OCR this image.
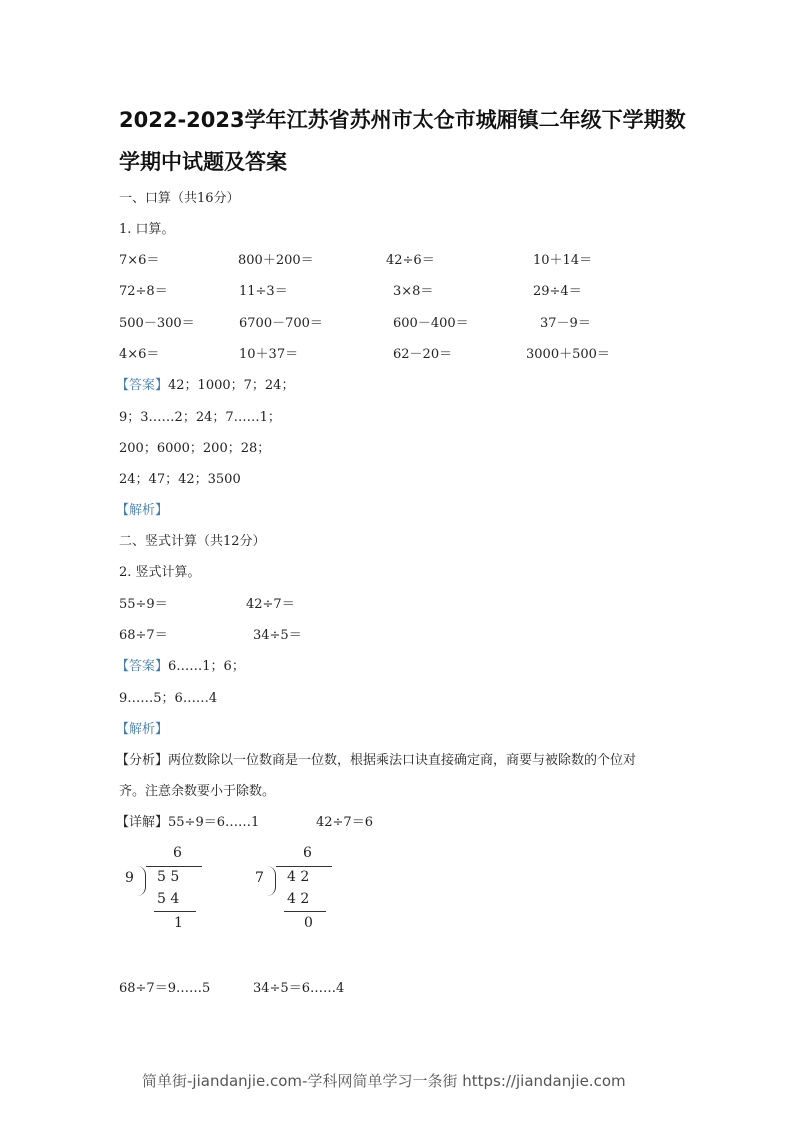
2022-2023学年江苏省苏州市太仓市城厢镇二年级下学期数
学期中试题及答案
一、口算（共16分）
1. 口算。
7×6＝	800＋200＝	42÷6＝	10＋14＝
72÷8＝	11÷3＝	3×8＝	29÷4＝
500－300＝	6700－700＝	600－400＝	37－9＝
4×6＝	10＋37＝	62－20＝	3000＋500＝
【答案】42；1000；7；24；
9；3……2；24；7……1；
200；6000；200；28；
24；47；42；3500
【解析】
二、竖式计算（共12分）
2. 竖式计算。
55÷9＝	42÷7＝
68÷7＝	34÷5＝
【答案】6……1；6；
9……5；6……4
【解析】
【分析】两位数除以一位数商是一位数，根据乘法口诀直接确定商，商要与被除数的个位对
齐。注意余数要小于除数。
【详解】55÷9＝6……1	42÷7＝6
6
9 5 5
5 4
1
6
7 4 2
4 2
0
68÷7＝9……5	34÷5＝6……4
简单街-jiandanjie.com-学科网简单学习一条街 https://jiandanjie.com
